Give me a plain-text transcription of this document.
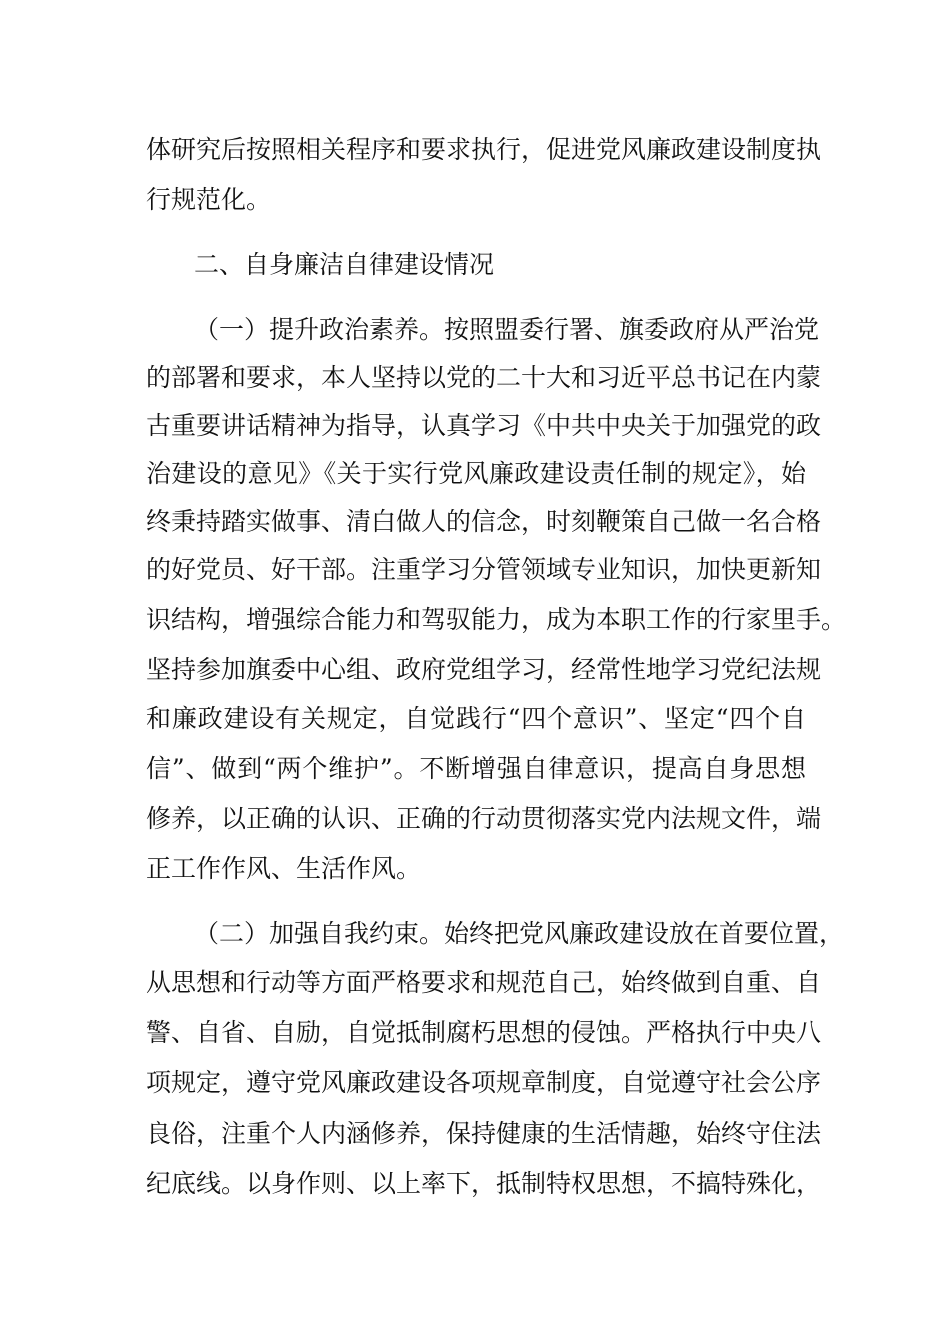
体研究后按照相关程序和要求执行，促进党风廉政建设制度执
行规范化。
二、自身廉洁自律建设情况
（一）提升政治素养。按照盟委行署、旗委政府从严治党
的部署和要求，本人坚持以党的二十大和习近平总书记在内蒙
古重要讲话精神为指导，认真学习《中共中央关于加强党的政
治建设的意见》《关于实行党风廉政建设责任制的规定》，始
终秉持踏实做事、清白做人的信念，时刻鞭策自己做一名合格
的好党员、好干部。注重学习分管领域专业知识，加快更新知
识结构，增强综合能力和驾驭能力，成为本职工作的行家里手。
坚持参加旗委中心组、政府党组学习，经常性地学习党纪法规
和廉政建设有关规定，自觉践行“四个意识”、坚定“四个自
信”、做到“两个维护”。不断增强自律意识，提高自身思想
修养，以正确的认识、正确的行动贯彻落实党内法规文件，端
正工作作风、生活作风。
（二）加强自我约束。始终把党风廉政建设放在首要位置，
从思想和行动等方面严格要求和规范自己，始终做到自重、自
警、自省、自励，自觉抵制腐朽思想的侵蚀。严格执行中央八
项规定，遵守党风廉政建设各项规章制度，自觉遵守社会公序
良俗，注重个人内涵修养，保持健康的生活情趣，始终守住法
纪底线。以身作则、以上率下，抵制特权思想，不搞特殊化，
